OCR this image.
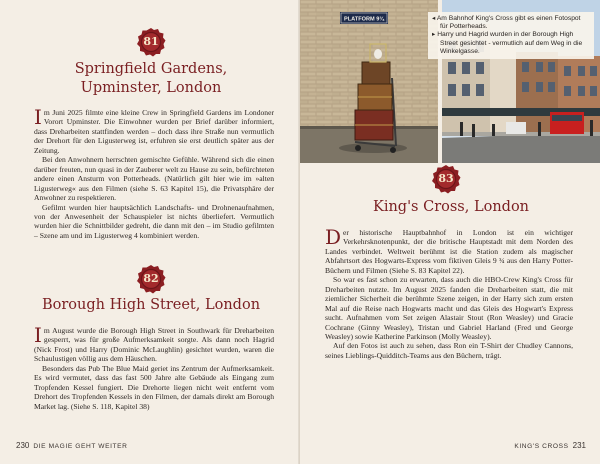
81
Springfield Gardens,
Upminster, London

Im Juni 2025 filmte eine kleine Crew in Springfield Gardens im Londoner Vorort Upminster. Die Einwohner wurden per Brief darüber informiert, dass Dreharbeiten stattfinden werden – doch dass ihre Straße nun vermutlich der Drehort für den Ligusterweg ist, erfuhren sie erst deutlich später aus der Zeitung.

Bei den Anwohnern herrschten gemischte Gefühle. Während sich die einen darüber freuten, nun quasi in der Zauberer welt zu Hause zu sein, befürchteten andere einen Ansturm von Potterheads. (Natürlich gilt hier wie im »alten Ligusterweg« aus den Filmen (siehe S. 63 Kapitel 15), die Privatsphäre der Anwohner zu respektieren.

Gefilmt wurden hier hauptsächlich Landschafts- und Drohnenaufnahmen, von der Anwesenheit der Schauspieler ist nichts überliefert. Vermutlich wurden hier die Schnittbilder gedreht, die dann mit den – im Studio gefilmten – Szene am und im Ligusterweg 4 kombiniert werden.

82
Borough High Street, London

Im August wurde die Borough High Street in Southwark für Dreharbeiten gesperrt, was für große Aufmerksamkeit sorgte. Als dann noch Hagrid (Nick Frost) und Harry (Dominic McLaughlin) gesichtet wurden, waren die Schaulustigen völlig aus dem Häuschen.

Besonders das Pub The Blue Maid geriet ins Zentrum der Aufmerksamkeit. Es wird vermutet, dass das fast 500 Jahre alte Gebäude als Eingang zum Tropfenden Kessel fungiert. Die Drehorte liegen nicht weit entfernt vom Drehort des Tropfenden Kessels in den Filmen, der damals direkt am Borough Market lag. (Siehe S. 118, Kapitel 38)

230 DIE MAGIE GEHT WEITER
PLATFORM 9¾	◂ Am Bahnhof King's Cross gibt es einen Fotospot für Potterheads.
▸ Harry und Hagrid wurden in der Borough High Street gesichtet - vermutlich auf dem Weg in die Winkelgasse.
83
King's Cross, London

Der historische Hauptbahnhof in London ist ein wichtiger Verkehrsknotenpunkt, der die britische Hauptstadt mit dem Norden des Landes verbindet. Weltweit berühmt ist die Station zudem als magischer Abfahrtsort des Hogwarts-Express vom fiktiven Gleis 9 ¾ aus den Harry Potter-Büchern und Filmen (Siehe S. 83 Kapitel 22).

So war es fast schon zu erwarten, dass auch die HBO-Crew King's Cross für Dreharbeiten nutzte. Im August 2025 fanden die Dreharbeiten statt, die mit ziemlicher Sicherheit die berühmte Szene zeigen, in der Harry sich zum ersten Mal auf die Reise nach Hogwarts macht und das Gleis des Hogwart's Express sucht. Aufnahmen vom Set zeigen Alastair Stout (Ron Weasley) und Gracie Cochrane (Ginny Weasley), Tristan und Gabriel Harland (Fred und George Weasley) sowie Katherine Parkinson (Molly Weasley).

Auf den Fotos ist auch zu sehen, dass Ron ein T-Shirt der Chudley Cannons, seines Lieblings-Quidditch-Teams aus den Büchern, trägt.

KING'S CROSS 231
